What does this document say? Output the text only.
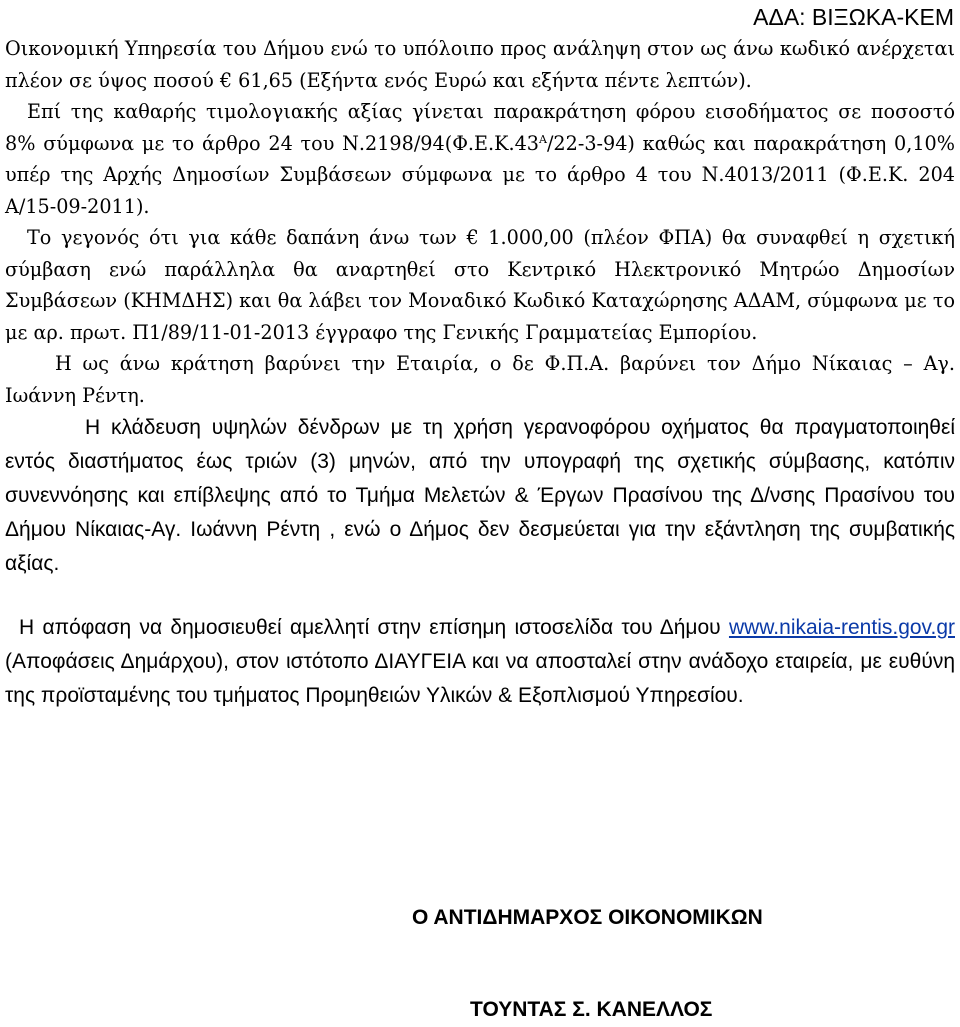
ΑΔΑ: ΒΙΞΩΚΑ-ΚΕΜ

Οικονομική Υπηρεσία του Δήμου ενώ το υπόλοιπο προς ανάληψη στον ως άνω κωδικό ανέρχεται πλέον σε ύψος ποσού € 61,65 (Εξήντα ενός Ευρώ και εξήντα πέντε λεπτών).

Επί της καθαρής τιμολογιακής αξίας γίνεται παρακράτηση φόρου εισοδήματος σε ποσοστό 8% σύμφωνα με το άρθρο 24 του $N.2198/94(\Phi.E.K.43^A/22-3-94)$ καθώς και παρακράτηση 0,10% υπέρ της Αρχής Δημοσίων Συμβάσεων σύμφωνα με το άρθρο 4 του Ν.4013/2011 (Φ.Ε.Κ. 204 Α/15-09-2011).

Το γεγονός ότι για κάθε δαπάνη άνω των € 1.000,00 (πλέον ΦΠΑ) θα συναφθεί η σχετική σύμβαση ενώ παράλληλα θα αναρτηθεί στο Κεντρικό Ηλεκτρονικό Μητρώο Δημοσίων Συμβάσεων (ΚΗΜΔΗΣ) και θα λάβει τον Μοναδικό Κωδικό Καταχώρησης ΑΔΑΜ, σύμφωνα με το με αρ. πρωτ. Π1/89/11-01-2013 έγγραφο της Γενικής Γραμματείας Εμπορίου.

Η ως άνω κράτηση βαρύνει την Εταιρία, ο δε Φ.Π.Α. βαρύνει τον Δήμο Νίκαιας – Αγ. Ιωάννη Ρέντη.

Η κλάδευση υψηλών δένδρων με τη χρήση γερανοφόρου οχήματος θα πραγματοποιηθεί εντός διαστήματος έως τριών (3) μηνών, από την υπογραφή της σχετικής σύμβασης, κατόπιν συνεννόησης και επίβλεψης από το Τμήμα Μελετών & Έργων Πρασίνου της Δ/νσης Πρασίνου του Δήμου Νίκαιας-Αγ. Ιωάννη Ρέντη , ενώ ο Δήμος δεν δεσμεύεται για την εξάντληση της συμβατικής αξίας.

Η απόφαση να δημοσιευθεί αμελλητί στην επίσημη ιστοσελίδα του Δήμου www.nikaia-rentis.gov.gr (Αποφάσεις Δημάρχου), στον ιστότοπο ΔΙΑΥΓΕΙΑ και να αποσταλεί στην ανάδοχο εταιρεία, με ευθύνη της προϊσταμένης του τμήματος Προμηθειών Υλικών & Εξοπλισμού Υπηρεσίου.

Ο ΑΝΤΙΔΗΜΑΡΧΟΣ ΟΙΚΟΝΟΜΙΚΩΝ
ΤΟΥΝΤΑΣ Σ. ΚΑΝΕΛΛΟΣ
